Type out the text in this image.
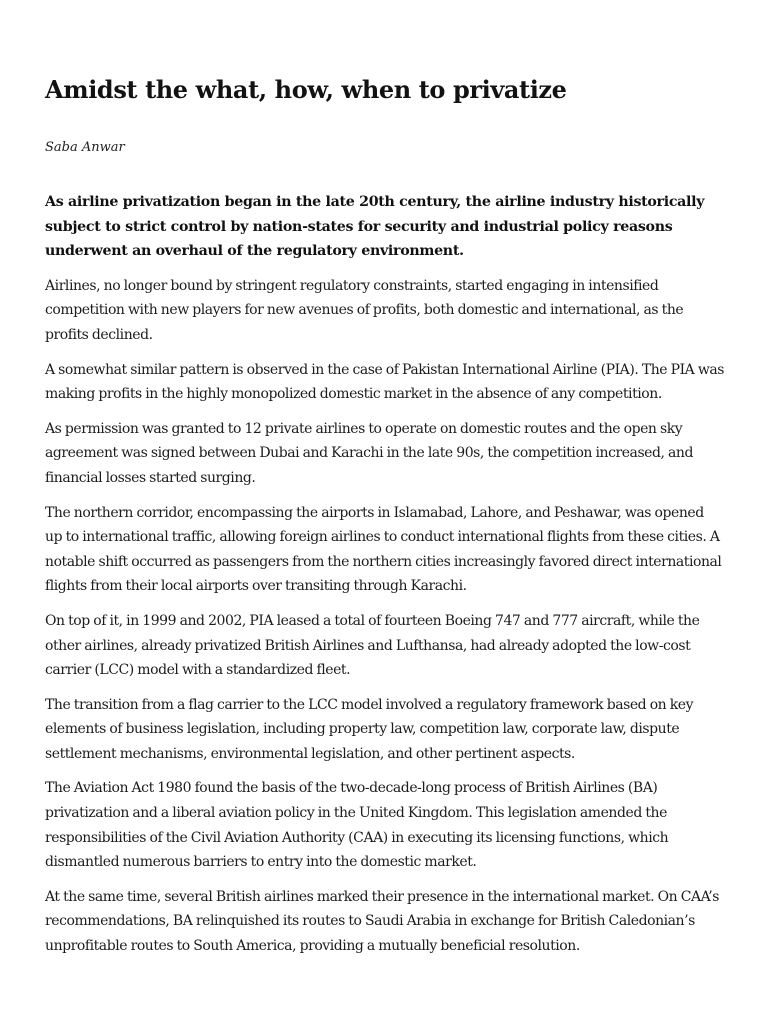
Amidst the what, how, when to privatize
Saba Anwar

As airline privatization began in the late 20th century, the airline industry historically subject to strict control by nation-states for security and industrial policy reasons underwent an overhaul of the regulatory environment.

Airlines, no longer bound by stringent regulatory constraints, started engaging in intensified competition with new players for new avenues of profits, both domestic and international, as the profits declined.

A somewhat similar pattern is observed in the case of Pakistan International Airline (PIA). The PIA was making profits in the highly monopolized domestic market in the absence of any competition.

As permission was granted to 12 private airlines to operate on domestic routes and the open sky agreement was signed between Dubai and Karachi in the late 90s, the competition increased, and financial losses started surging.

The northern corridor, encompassing the airports in Islamabad, Lahore, and Peshawar, was opened up to international traffic, allowing foreign airlines to conduct international flights from these cities. A notable shift occurred as passengers from the northern cities increasingly favored direct international flights from their local airports over transiting through Karachi.

On top of it, in 1999 and 2002, PIA leased a total of fourteen Boeing 747 and 777 aircraft, while the other airlines, already privatized British Airlines and Lufthansa, had already adopted the low-cost carrier (LCC) model with a standardized fleet.

The transition from a flag carrier to the LCC model involved a regulatory framework based on key elements of business legislation, including property law, competition law, corporate law, dispute settlement mechanisms, environmental legislation, and other pertinent aspects.

The Aviation Act 1980 found the basis of the two-decade-long process of British Airlines (BA) privatization and a liberal aviation policy in the United Kingdom. This legislation amended the responsibilities of the Civil Aviation Authority (CAA) in executing its licensing functions, which dismantled numerous barriers to entry into the domestic market.

At the same time, several British airlines marked their presence in the international market. On CAA’s recommendations, BA relinquished its routes to Saudi Arabia in exchange for British Caledonian’s unprofitable routes to South America, providing a mutually beneficial resolution.
